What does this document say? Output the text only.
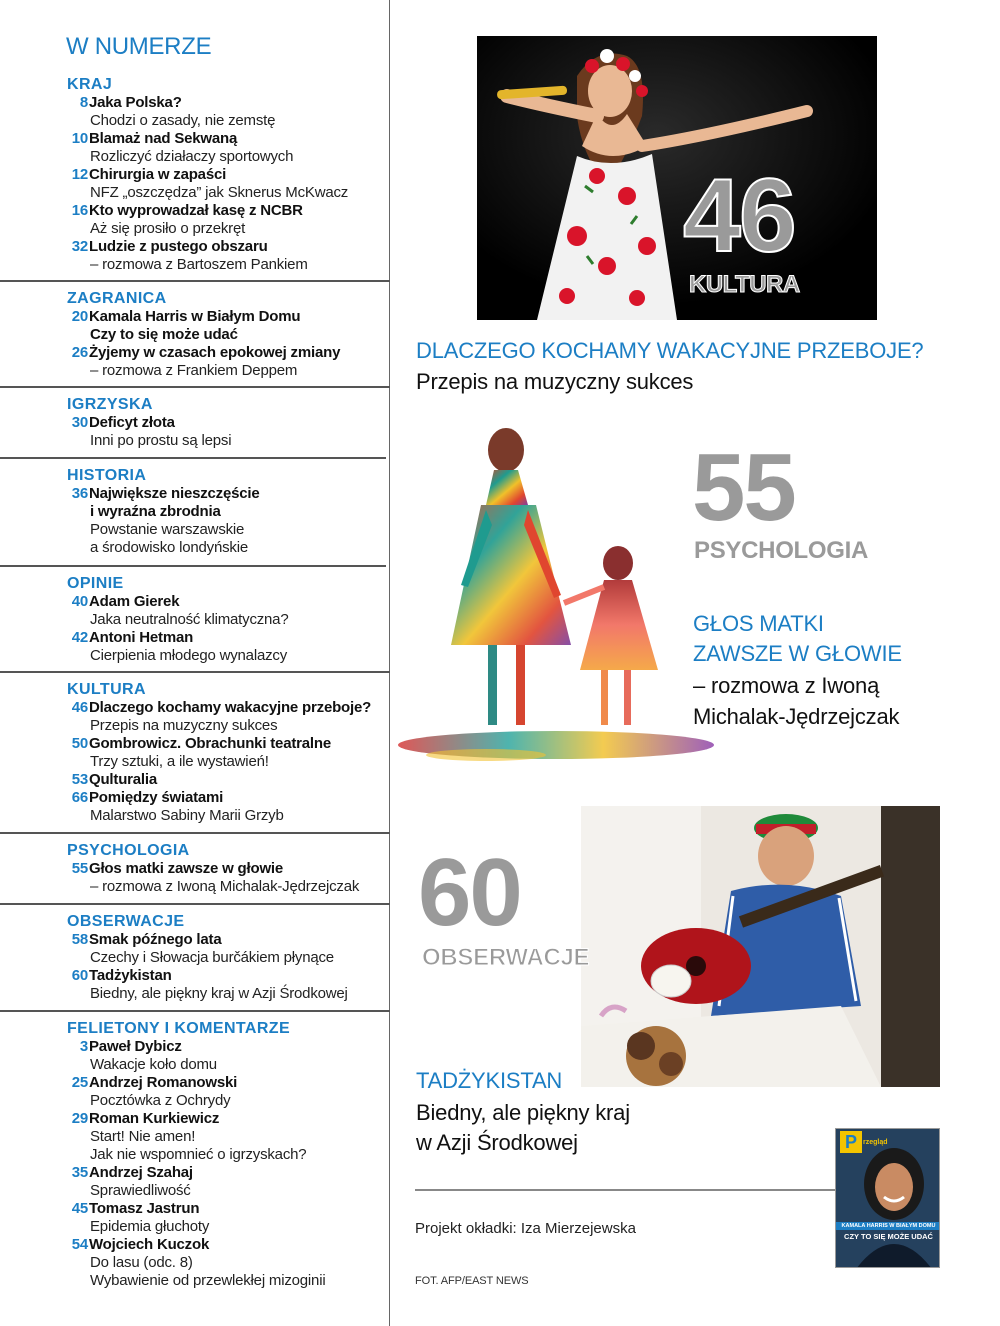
W NUMERZE
KRAJ
8Jaka Polska?
Chodzi o zasady, nie zemstę
10Blamaż nad Sekwaną
Rozliczyć działaczy sportowych
12Chirurgia w zapaści
NFZ „oszczędza” jak Sknerus McKwacz
16Kto wyprowadzał kasę z NCBR
Aż się prosiło o przekręt
32Ludzie z pustego obszaru
– rozmowa z Bartoszem Pankiem
ZAGRANICA
20Kamala Harris w Białym Domu
Czy to się może udać
26Żyjemy w czasach epokowej zmiany
– rozmowa z Frankiem Deppem
IGRZYSKA
30Deficyt złota
Inni po prostu są lepsi
HISTORIA
36Największe nieszczęście
i wyraźna zbrodnia
Powstanie warszawskie
a środowisko londyńskie
OPINIE
40Adam Gierek
Jaka neutralność klimatyczna?
42Antoni Hetman
Cierpienia młodego wynalazcy
KULTURA
46Dlaczego kochamy wakacyjne przeboje?
Przepis na muzyczny sukces
50Gombrowicz. Obrachunki teatralne
Trzy sztuki, a ile wystawień!
53Qulturalia
66Pomiędzy światami
Malarstwo Sabiny Marii Grzyb
PSYCHOLOGIA
55Głos matki zawsze w głowie
– rozmowa z Iwoną Michalak-Jędrzejczak
OBSERWACJE
58Smak późnego lata
Czechy i Słowacja burčákiem płynące
60Tadżykistan
Biedny, ale piękny kraj w Azji Środkowej
FELIETONY I KOMENTARZE
3Paweł Dybicz
Wakacje koło domu
25Andrzej Romanowski
Pocztówka z Ochrydy
29Roman Kurkiewicz
Start! Nie amen!
Jak nie wspomnieć o igrzyskach?
35Andrzej Szahaj
Sprawiedliwość
45Tomasz Jastrun
Epidemia głuchoty
54Wojciech Kuczok
Do lasu (odc. 8)
Wybawienie od przewlekłej mizoginii
46
KULTURA
DLACZEGO KOCHAMY WAKACYJNE PRZEBOJE?
Przepis na muzyczny sukces
55
PSYCHOLOGIA
GŁOS MATKI
ZAWSZE W GŁOWIE
– rozmowa z Iwoną
Michalak-Jędrzejczak
60
OBSERWACJE
TADŻYKISTAN
Biedny, ale piękny kraj
w Azji Środkowej
Projekt okładki: Iza Mierzejewska
FOT. AFP/EAST NEWS
P rzegląd
KAMALA HARRIS W BIAŁYM DOMU
CZY TO SIĘ MOŻE UDAĆ
